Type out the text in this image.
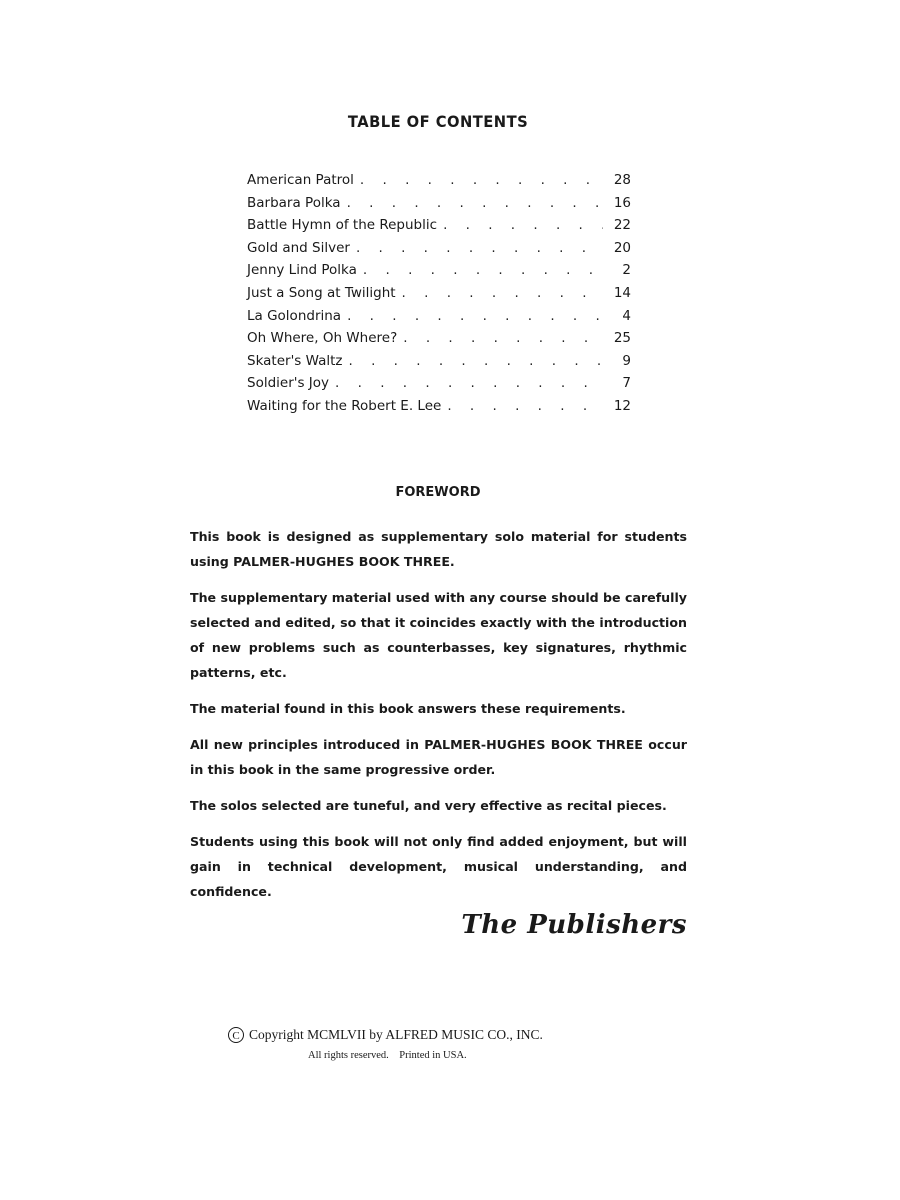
TABLE OF CONTENTS
American Patrol . . .	28
Barbara Polka . . .	16
Battle Hymn of the Republic . . .	22
Gold and Silver . . .	20
Jenny Lind Polka . . .	2
Just a Song at Twilight . . .	14
La Golondrina . . .	4
Oh Where, Oh Where? . . .	25
Skater's Waltz . . .	9
Soldier's Joy . . .	7
Waiting for the Robert E. Lee . . .	12
FOREWORD

This book is designed as supplementary solo material for students using PALMER-HUGHES BOOK THREE.

The supplementary material used with any course should be carefully selected and edited, so that it coincides exactly with the introduction of new problems such as counterbasses, key signatures, rhythmic patterns, etc.

The material found in this book answers these requirements.

All new principles introduced in PALMER-HUGHES BOOK THREE occur in this book in the same progressive order.

The solos selected are tuneful, and very effective as recital pieces.

Students using this book will not only find added enjoyment, but will gain in technical development, musical understanding, and confidence.

The Publishers
C Copyright MCMLVII by ALFRED MUSIC CO., INC.
All rights reserved.    Printed in USA.
